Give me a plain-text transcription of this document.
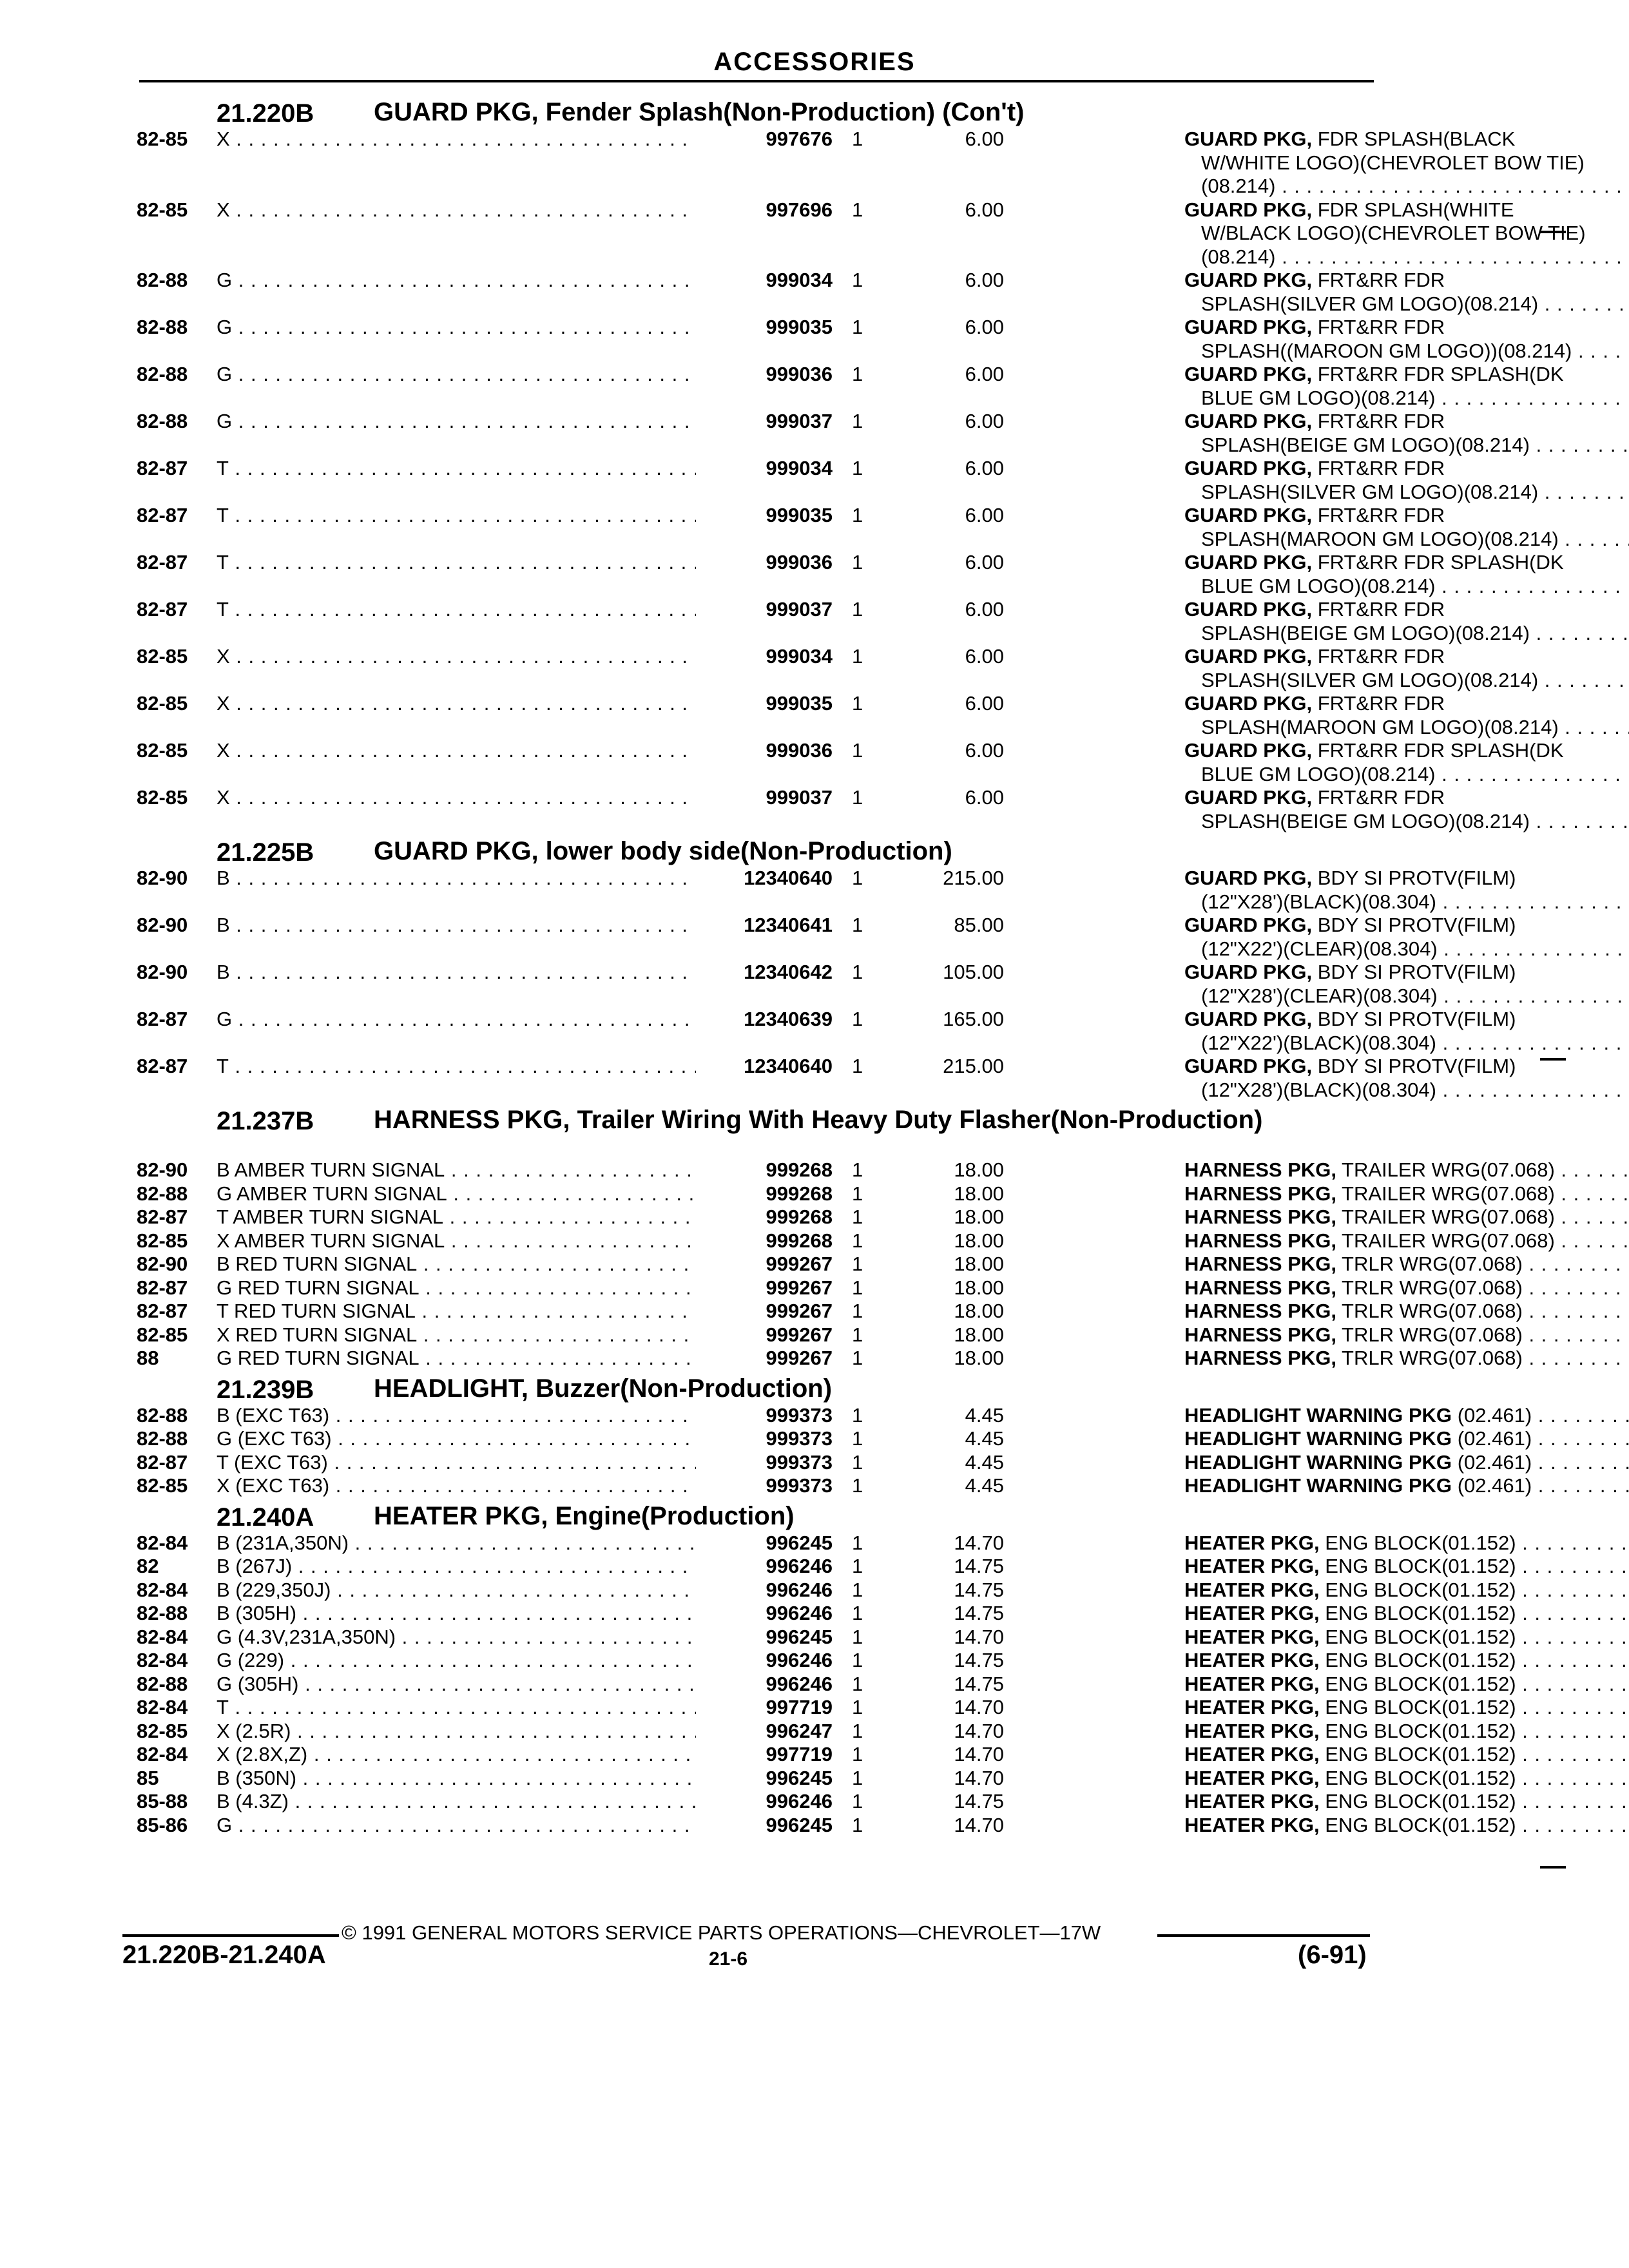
ACCESSORIES
21.220B GUARD PKG, Fender Splash(Non-Production) (Con't)
82-85 X . . .	997676 1	6.00	GUARD PKG, FDR SPLASH(BLACK
W/WHITE LOGO)(CHEVROLET BOW TIE)
(08.214) . . .
82-85 X . . .	997696 1	6.00	GUARD PKG, FDR SPLASH(WHITE
W/BLACK LOGO)(CHEVROLET BOW TIE)
(08.214) . . .
82-88 G . . .	999034 1	6.00	GUARD PKG, FRT&RR FDR
SPLASH(SILVER GM LOGO)(08.214) . . .
82-88 G . . .	999035 1	6.00	GUARD PKG, FRT&RR FDR
SPLASH((MAROON GM LOGO))(08.214) . . .
82-88 G . . .	999036 1	6.00	GUARD PKG, FRT&RR FDR SPLASH(DK
BLUE GM LOGO)(08.214) . . .
82-88 G . . .	999037 1	6.00	GUARD PKG, FRT&RR FDR
SPLASH(BEIGE GM LOGO)(08.214) . . .
82-87 T . . .	999034 1	6.00	GUARD PKG, FRT&RR FDR
SPLASH(SILVER GM LOGO)(08.214) . . .
82-87 T . . .	999035 1	6.00	GUARD PKG, FRT&RR FDR
SPLASH(MAROON GM LOGO)(08.214) . . .
82-87 T . . .	999036 1	6.00	GUARD PKG, FRT&RR FDR SPLASH(DK
BLUE GM LOGO)(08.214) . . .
82-87 T . . .	999037 1	6.00	GUARD PKG, FRT&RR FDR
SPLASH(BEIGE GM LOGO)(08.214) . . .
82-85 X . . .	999034 1	6.00	GUARD PKG, FRT&RR FDR
SPLASH(SILVER GM LOGO)(08.214) . . .
82-85 X . . .	999035 1	6.00	GUARD PKG, FRT&RR FDR
SPLASH(MAROON GM LOGO)(08.214) . . .
82-85 X . . .	999036 1	6.00	GUARD PKG, FRT&RR FDR SPLASH(DK
BLUE GM LOGO)(08.214) . . .
82-85 X . . .	999037 1	6.00	GUARD PKG, FRT&RR FDR
SPLASH(BEIGE GM LOGO)(08.214) . . .
21.225B GUARD PKG, lower body side(Non-Production)
82-90 B . . .	12340640 1	215.00	GUARD PKG, BDY SI PROTV(FILM)
(12"X28')(BLACK)(08.304) . . .
82-90 B . . .	12340641 1	85.00	GUARD PKG, BDY SI PROTV(FILM)
(12"X22')(CLEAR)(08.304) . . .
82-90 B . . .	12340642 1	105.00	GUARD PKG, BDY SI PROTV(FILM)
(12"X28')(CLEAR)(08.304) . . .
82-87 G . . .	12340639 1	165.00	GUARD PKG, BDY SI PROTV(FILM)
(12"X22')(BLACK)(08.304) . . .
82-87 T . . .	12340640 1	215.00	GUARD PKG, BDY SI PROTV(FILM)
(12"X28')(BLACK)(08.304) . . .
21.237B HARNESS PKG, Trailer Wiring With Heavy Duty Flasher(Non-Production)
82-90 B AMBER TURN SIGNAL . . .	999268 1	18.00	HARNESS PKG, TRAILER WRG(07.068) . . .
82-88 G AMBER TURN SIGNAL . . .	999268 1	18.00	HARNESS PKG, TRAILER WRG(07.068) . . .
82-87 T AMBER TURN SIGNAL . . .	999268 1	18.00	HARNESS PKG, TRAILER WRG(07.068) . . .
82-85 X AMBER TURN SIGNAL . . .	999268 1	18.00	HARNESS PKG, TRAILER WRG(07.068) . . .
82-90 B RED TURN SIGNAL . . .	999267 1	18.00	HARNESS PKG, TRLR WRG(07.068) . . .
82-87 G RED TURN SIGNAL . . .	999267 1	18.00	HARNESS PKG, TRLR WRG(07.068) . . .
82-87 T RED TURN SIGNAL . . .	999267 1	18.00	HARNESS PKG, TRLR WRG(07.068) . . .
82-85 X RED TURN SIGNAL . . .	999267 1	18.00	HARNESS PKG, TRLR WRG(07.068) . . .
88	G RED TURN SIGNAL . . .	999267 1	18.00	HARNESS PKG, TRLR WRG(07.068) . . .
21.239B HEADLIGHT, Buzzer(Non-Production)
82-88 B (EXC T63) . . .	999373 1	4.45	HEADLIGHT WARNING PKG (02.461) . . .
82-88 G (EXC T63) . . .	999373 1	4.45	HEADLIGHT WARNING PKG (02.461) . . .
82-87 T (EXC T63) . . .	999373 1	4.45	HEADLIGHT WARNING PKG (02.461) . . .
82-85 X (EXC T63) . . .	999373 1	4.45	HEADLIGHT WARNING PKG (02.461) . . .
21.240A HEATER PKG, Engine(Production)
82-84 B (231A,350N) . . .	996245 1	14.70	HEATER PKG, ENG BLOCK(01.152) . . .
82	B (267J) . . .	996246 1	14.75	HEATER PKG, ENG BLOCK(01.152) . . .
82-84 B (229,350J) . . .	996246 1	14.75	HEATER PKG, ENG BLOCK(01.152) . . .
82-88 B (305H) . . .	996246 1	14.75	HEATER PKG, ENG BLOCK(01.152) . . .
82-84 G (4.3V,231A,350N) . . .	996245 1	14.70	HEATER PKG, ENG BLOCK(01.152) . . .
82-84 G (229) . . .	996246 1	14.75	HEATER PKG, ENG BLOCK(01.152) . . .
82-88 G (305H) . . .	996246 1	14.75	HEATER PKG, ENG BLOCK(01.152) . . .
82-84 T . . .	997719 1	14.70	HEATER PKG, ENG BLOCK(01.152) . . .
82-85 X (2.5R) . . .	996247 1	14.70	HEATER PKG, ENG BLOCK(01.152) . . .
82-84 X (2.8X,Z) . . .	997719 1	14.70	HEATER PKG, ENG BLOCK(01.152) . . .
85	B (350N) . . .	996245 1	14.70	HEATER PKG, ENG BLOCK(01.152) . . .
85-88 B (4.3Z) . . .	996246 1	14.75	HEATER PKG, ENG BLOCK(01.152) . . .
85-86 G . . .	996245 1	14.70	HEATER PKG, ENG BLOCK(01.152) . . .
© 1991 GENERAL MOTORS SERVICE PARTS OPERATIONS—CHEVROLET—17W
21.220B-21.240A	21-6	(6-91)
